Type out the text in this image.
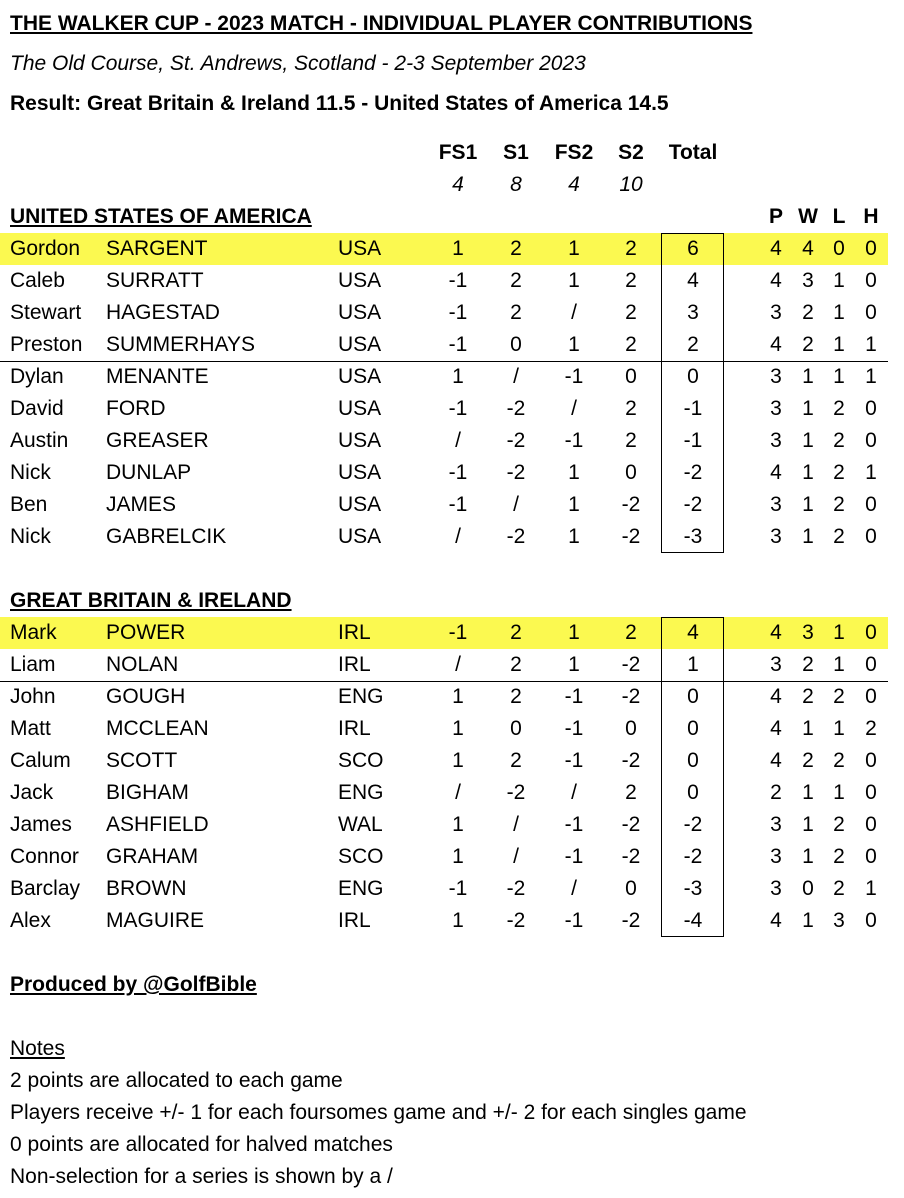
THE WALKER CUP - 2023 MATCH - INDIVIDUAL PLAYER CONTRIBUTIONS
The Old Course, St. Andrews, Scotland - 2-3 September 2023
Result: Great Britain & Ireland 11.5 - United States of America 14.5
FS1	S1	FS2	S2	Total
4	8	4	10
UNITED STATES OF AMERICA	P W L H
Gordon SARGENT	USA	1	2	1	2	6	4 4 0 0
Caleb SURRATT	USA	-1	2	1	2	4	4 3 1 0
Stewart HAGESTAD	USA	-1	2	/	2	3	3 2 1 0
Preston SUMMERHAYS	USA	-1	0	1	2	2	4 2 1 1
Dylan MENANTE	USA	1	/	-1	0	0	3 1 1 1
David FORD	USA	-1	-2	/	2	-1	3 1 2 0
Austin GREASER	USA	/	-2	-1	2	-1	3 1 2 0
Nick	DUNLAP	USA	-1	-2	1	0	-2	4 1 2 1
Ben	JAMES	USA	-1	/	1	-2	-2	3 1 2 0
Nick	GABRELCIK	USA	/	-2	1	-2	-3	3 1 2 0
GREAT BRITAIN & IRELAND
Mark POWER	IRL	-1	2	1	2	4	4 3 1 0
Liam NOLAN	IRL	/	2	1	-2	1	3 2 1 0
John GOUGH	ENG	1	2	-1	-2	0	4 2 2 0
Matt	MCCLEAN	IRL	1	0	-1	0	0	4 1 1 2
Calum SCOTT	SCO	1	2	-1	-2	0	4 2 2 0
Jack	BIGHAM	ENG	/	-2	/	2	0	2 1 1 0
James ASHFIELD	WAL	1	/	-1	-2	-2	3 1 2 0
Connor GRAHAM	SCO	1	/	-1	-2	-2	3 1 2 0
Barclay BROWN	ENG	-1	-2	/	0	-3	3 0 2 1
Alex	MAGUIRE	IRL	1	-2	-1	-2	-4	4 1 3 0
Produced by @GolfBible
Notes
2 points are allocated to each game
Players receive +/- 1 for each foursomes game and +/- 2 for each singles game
0 points are allocated for halved matches
Non-selection for a series is shown by a /
